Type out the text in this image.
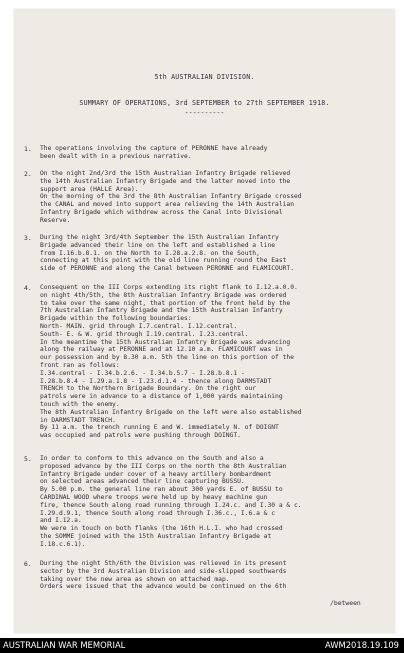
5th AUSTRALIAN DIVISION.
SUMMARY OF OPERATIONS, 3rd SEPTEMBER to 27th SEPTEMBER 1918.
----------
1. The operations involving the capture of PERONNE have already
been dealt with in a previous narrative.
2. On the night 2nd/3rd the 15th Australian Infantry Brigade relieved
the 14th Australian Infantry Brigade and the latter moved into the
support area (HALLE Area).
On the morning of the 3rd the 8th Australian Infantry Brigade crossed
the CANAL and moved into support area relieving the 14th Australian
Infantry Brigade which withdrew across the Canal into Divisional
Reserve.
3. During the night 3rd/4th September the 15th Australian Infantry
Brigade advanced their line on the left and established a line
from I.16.b.8.1. on the North to I.28.a.2.8. on the South,
connecting at this point with the old line running round the East
side of PERONNE and along the Canal between PERONNE and FLAMICOURT.
4. Consequent on the III Corps extending its right flank to I.12.a.0.0.
on night 4th/5th, the 8th Australian Infantry Brigade was ordered
to take over the same night, that portion of the front held by the
7th Australian Infantry Brigade and the 15th Australian Infantry
Brigade within the following boundaries:
North- MAIN. grid through I.7.central. I.12.central.
South- E. & W. grid through I.19.central. I.23.central.
In the meantime the 15th Australian Infantry Brigade was advancing
along the railway at PERONNE and at 12.10 a.m. FLAMICOURT was in
our possession and by 8.30 a.m. 5th the line on this portion of the
front ran as follows:
I.34.central - I.34.b.2.6. - I.34.b.5.7 - I.28.b.8.1 -
I.28.b.8.4 - I.29.a.1.8 - I.23.d.1.4 - thence along DARMSTADT
TRENCH to the Northern Brigade Boundary. On the right our
patrols were in advance to a distance of 1,000 yards maintaining
touch with the enemy.
The 8th Australian Infantry Brigade on the left were also established
in DARMSTADT TRENCH.
By 11 a.m. the trench running E and W. immediately N. of DOIGNT
was occupied and patrols were pushing through DOINGT.
5. In order to conform to this advance on the South and also a
proposed advance by the III Corps on the north the 8th Australian
Infantry Brigade under cover of a heavy artillery bombardment
on selected areas advanced their line capturing BUSSU.
By 5.00 p.m. the general line ran about 300 yards E. of BUSSU to
CARDINAL WOOD where troops were held up by heavy machine gun
fire, thence South along road running through I.24.c. and I.30 a & c.
I.29.d.9.1, thence South along road through I.36.c., I.6.a & c
and I.12.a.
We were in touch on both flanks (the 16th H.L.I. who had crossed
the SOMME joined with the 15th Australian Infantry Brigade at
I.18.c.6.1).
6. During the night 5th/6th the Division was relieved in its present
sector by the 3rd Australian Division and side-slipped southwards
taking over the new area as shown on attached map.
Orders were issued that the advance would be continued on the 6th
/between
AUSTRALIAN WAR MEMORIAL	AWM2018.19.109
